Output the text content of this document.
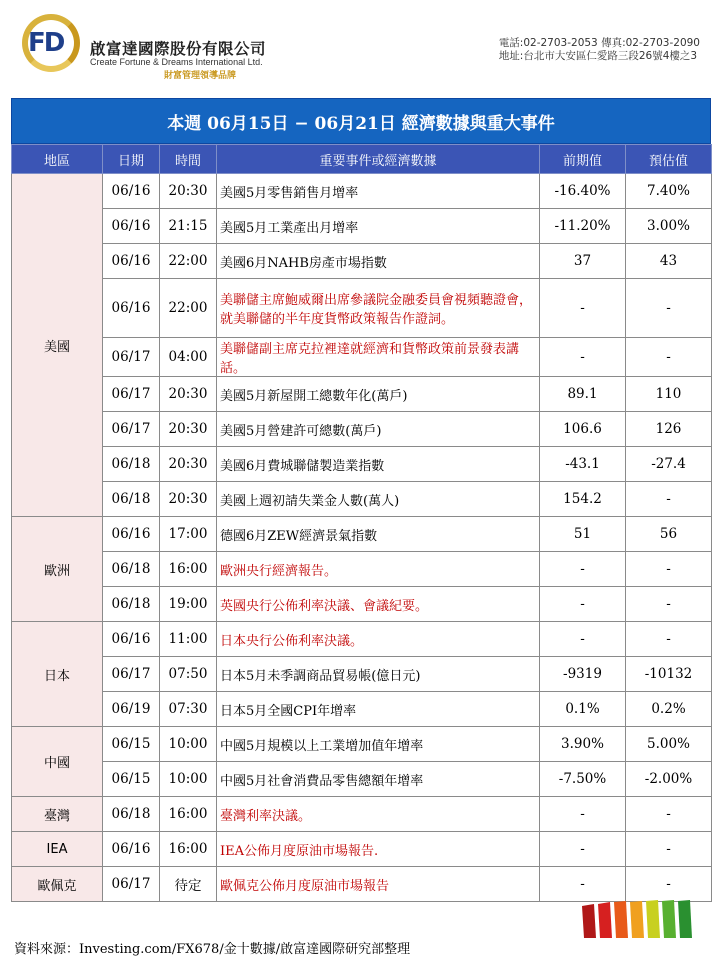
FD 啟富達國際股份有限公司
Create Fortune & Dreams International Ltd.
財富管理領導品牌
電話:02-2703-2053 傳真:02-2703-2090
地址:台北市大安區仁愛路三段26號4樓之3
本週 06月15日 − 06月21日 經濟數據與重大事件
地區	日期	時間	重要事件或經濟數據	前期值	預估值
美國	06/16	20:30	美國5月零售銷售月增率	-16.40%	7.40%
	06/16	21:15	美國5月工業產出月增率	-11.20%	3.00%
	06/16	22:00	美國6月NAHB房產市場指數	37	43
	06/16	22:00	美聯儲主席鮑威爾出席參議院金融委員會視頻聽證會，就美聯儲的半年度貨幣政策報告作證詞。	-	-
	06/17	04:00	美聯儲副主席克拉裡達就經濟和貨幣政策前景發表講話。	-	-
	06/17	20:30	美國5月新屋開工總數年化(萬戶)	89.1	110
	06/17	20:30	美國5月營建許可總數(萬戶)	106.6	126
	06/18	20:30	美國6月費城聯儲製造業指數	-43.1	-27.4
	06/18	20:30	美國上週初請失業金人數(萬人)	154.2	-
歐洲	06/16	17:00	德國6月ZEW經濟景氣指數	51	56
	06/18	16:00	歐洲央行經濟報告。	-	-
	06/18	19:00	英國央行公佈利率決議、會議紀要。	-	-
日本	06/16	11:00	日本央行公佈利率決議。	-	-
	06/17	07:50	日本5月未季調商品貿易帳(億日元)	-9319	-10132
	06/19	07:30	日本5月全國CPI年增率	0.1%	0.2%
中國	06/15	10:00	中國5月規模以上工業增加值年增率	3.90%	5.00%
	06/15	10:00	中國5月社會消費品零售總額年增率	-7.50%	-2.00%
臺灣	06/18	16:00	臺灣利率決議。	-	-
IEA	06/16	16:00	IEA公佈月度原油市場報告.	-	-
歐佩克	06/17	待定	歐佩克公佈月度原油市場報告	-	-
資料來源：Investing.com/FX678/金十數據/啟富達國際研究部整理
